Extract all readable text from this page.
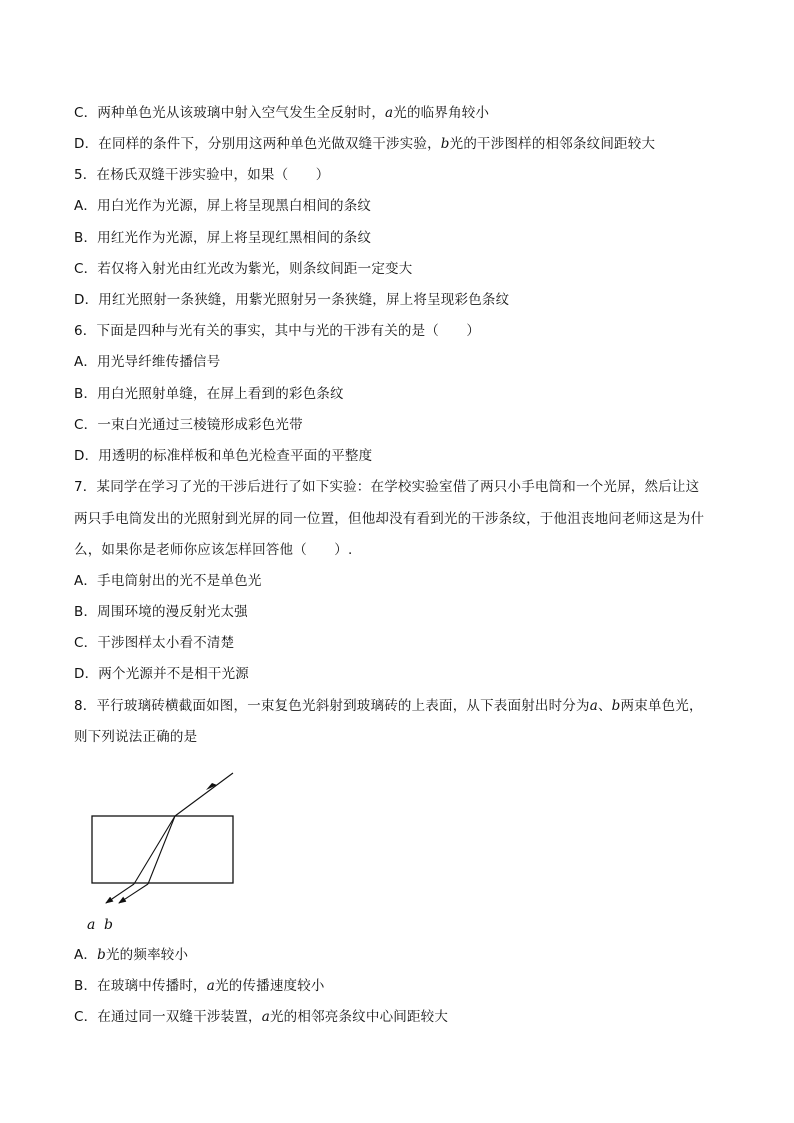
C．两种单色光从该玻璃中射入空气发生全反射时，a光的临界角较小
D．在同样的条件下，分别用这两种单色光做双缝干涉实验，b光的干涉图样的相邻条纹间距较大
5．在杨氏双缝干涉实验中，如果（　　）
A．用白光作为光源，屏上将呈现黑白相间的条纹
B．用红光作为光源，屏上将呈现红黑相间的条纹
C．若仅将入射光由红光改为紫光，则条纹间距一定变大
D．用红光照射一条狭缝，用紫光照射另一条狭缝，屏上将呈现彩色条纹
6．下面是四种与光有关的事实，其中与光的干涉有关的是（　　）
A．用光导纤维传播信号
B．用白光照射单缝，在屏上看到的彩色条纹
C．一束白光通过三棱镜形成彩色光带
D．用透明的标准样板和单色光检查平面的平整度
7．某同学在学习了光的干涉后进行了如下实验：在学校实验室借了两只小手电筒和一个光屏，然后让这
两只手电筒发出的光照射到光屏的同一位置，但他却没有看到光的干涉条纹，于他沮丧地问老师这是为什
么，如果你是老师你应该怎样回答他（　　）.
A．手电筒射出的光不是单色光
B．周围环境的漫反射光太强
C．干涉图样太小看不清楚
D．两个光源并不是相干光源
8．平行玻璃砖横截面如图，一束复色光斜射到玻璃砖的上表面，从下表面射出时分为a、b两束单色光，
则下列说法正确的是
a b
A．b光的频率较小
B．在玻璃中传播时，a光的传播速度较小
C．在通过同一双缝干涉装置，a光的相邻亮条纹中心间距较大
